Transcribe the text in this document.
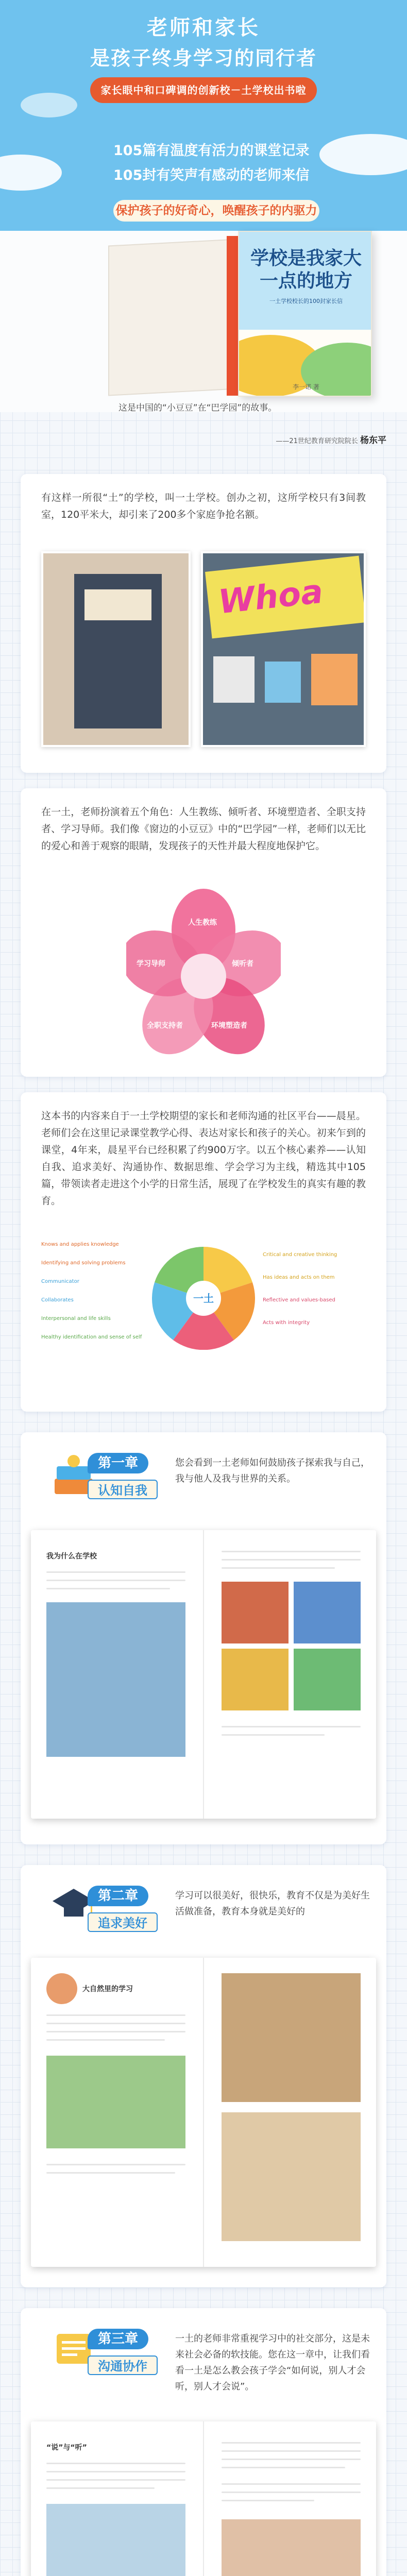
老师和家长
是孩子终身学习的同行者
家长眼中和口碑调的创新校－土学校出书啦
105篇有温度有活力的课堂记录
105封有笑声有感动的老师来信
保护孩子的好奇心，唤醒孩子的内驱力
学校是我家大一点的地方
一土学校校长的100封家长信
李一诺 著
这是中国的“小豆豆”在“巴学园”的故事。
——21世纪教育研究院院长 杨东平
有这样一所很“土”的学校，叫一土学校。创办之初，这所学校只有3间教室，120平米大，却引来了200多个家庭争抢名额。
Whoa
在一土，老师扮演着五个角色：人生教练、倾听者、环境塑造者、全职支持者、学习导师。我们像《窗边的小豆豆》中的“巴学园”一样，老师们以无比的爱心和善于观察的眼睛，发现孩子的天性并最大程度地保护它。
人生教练
倾听者
环境塑造者
全职支持者
学习导师
这本书的内容来自于一土学校期望的家长和老师沟通的社区平台——晨星。老师们会在这里记录课堂教学心得、表达对家长和孩子的关心。初来乍到的课堂，4年来，晨星平台已经积累了约900万字。以五个核心素养——认知自我、追求美好、沟通协作、数据思维、学会学习为主线，精选其中105篇，带领读者走进这个小学的日常生活，展现了在学校发生的真实有趣的教育。
一土
Knows and applies knowledge
Identifying and solving problems
Communicator
Collaborates
Interpersonal and life skills
Healthy identification and sense of self
Critical and creative thinking
Has ideas and acts on them
Reflective and values-based
Acts with integrity
第一章
认知自我
您会看到一土老师如何鼓励孩子探索我与自己，我与他人及我与世界的关系。
我为什么在学校
第二章
追求美好
学习可以很美好，很快乐，教育不仅是为美好生活做准备，教育本身就是美好的
大自然里的学习
第三章
沟通协作
一土的老师非常重视学习中的社交部分，这是未来社会必备的软技能。您在这一章中，让我们看看一土是怎么教会孩子学会“如何说，别人才会听，别人才会说”。
“说”与“听”
